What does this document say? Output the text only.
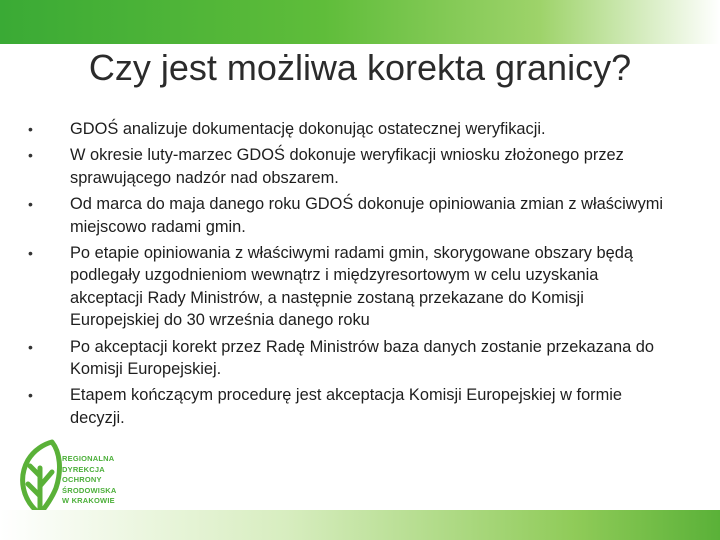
Czy jest możliwa korekta granicy?
• GDOŚ analizuje dokumentację dokonując ostatecznej weryfikacji.
• W okresie luty-marzec GDOŚ dokonuje weryfikacji wniosku złożonego przez sprawującego nadzór nad obszarem.
• Od marca do maja danego roku GDOŚ dokonuje opiniowania zmian z właściwymi miejscowo radami gmin.
• Po etapie opiniowania z właściwymi radami gmin, skorygowane obszary będą podlegały uzgodnieniom wewnątrz i międzyresortowym w celu uzyskania akceptacji Rady Ministrów, a następnie zostaną przekazane do Komisji Europejskiej do 30 września danego roku
• Po akceptacji korekt przez Radę Ministrów baza danych zostanie przekazana do Komisji Europejskiej.
• Etapem kończącym procedurę jest akceptacja Komisji Europejskiej w formie decyzji.
REGIONALNA
DYREKCJA
OCHRONY
ŚRODOWISKA
W KRAKOWIE
